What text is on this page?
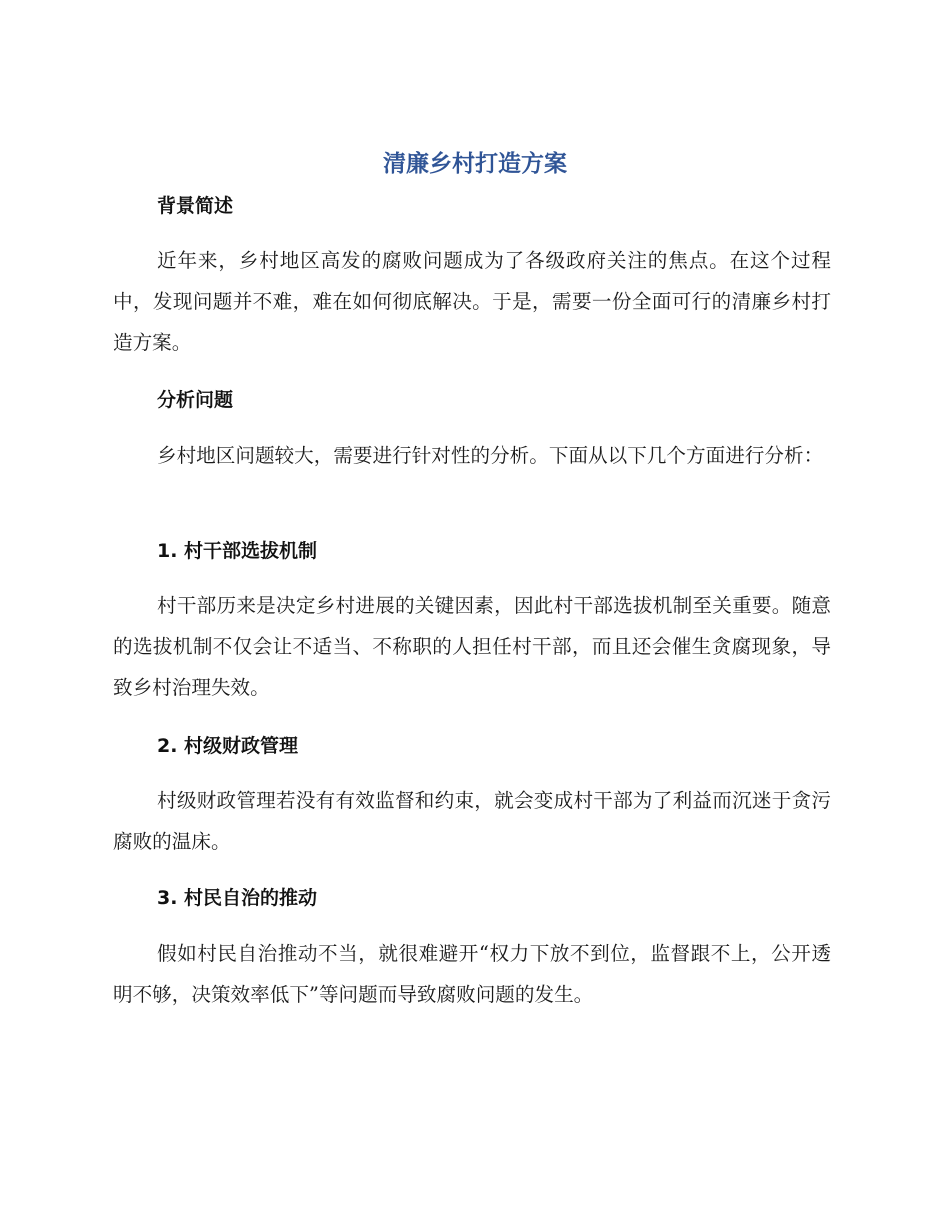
清廉乡村打造方案
背景简述

近年来，乡村地区高发的腐败问题成为了各级政府关注的焦点。在这个过程中，发现问题并不难，难在如何彻底解决。于是，需要一份全面可行的清廉乡村打造方案。

分析问题

乡村地区问题较大，需要进行针对性的分析。下面从以下几个方面进行分析：

1. 村干部选拔机制

村干部历来是决定乡村进展的关键因素，因此村干部选拔机制至关重要。随意的选拔机制不仅会让不适当、不称职的人担任村干部，而且还会催生贪腐现象，导致乡村治理失效。

2. 村级财政管理

村级财政管理若没有有效监督和约束，就会变成村干部为了利益而沉迷于贪污腐败的温床。

3. 村民自治的推动

假如村民自治推动不当，就很难避开“权力下放不到位，监督跟不上，公开透明不够，决策效率低下”等问题而导致腐败问题的发生。
